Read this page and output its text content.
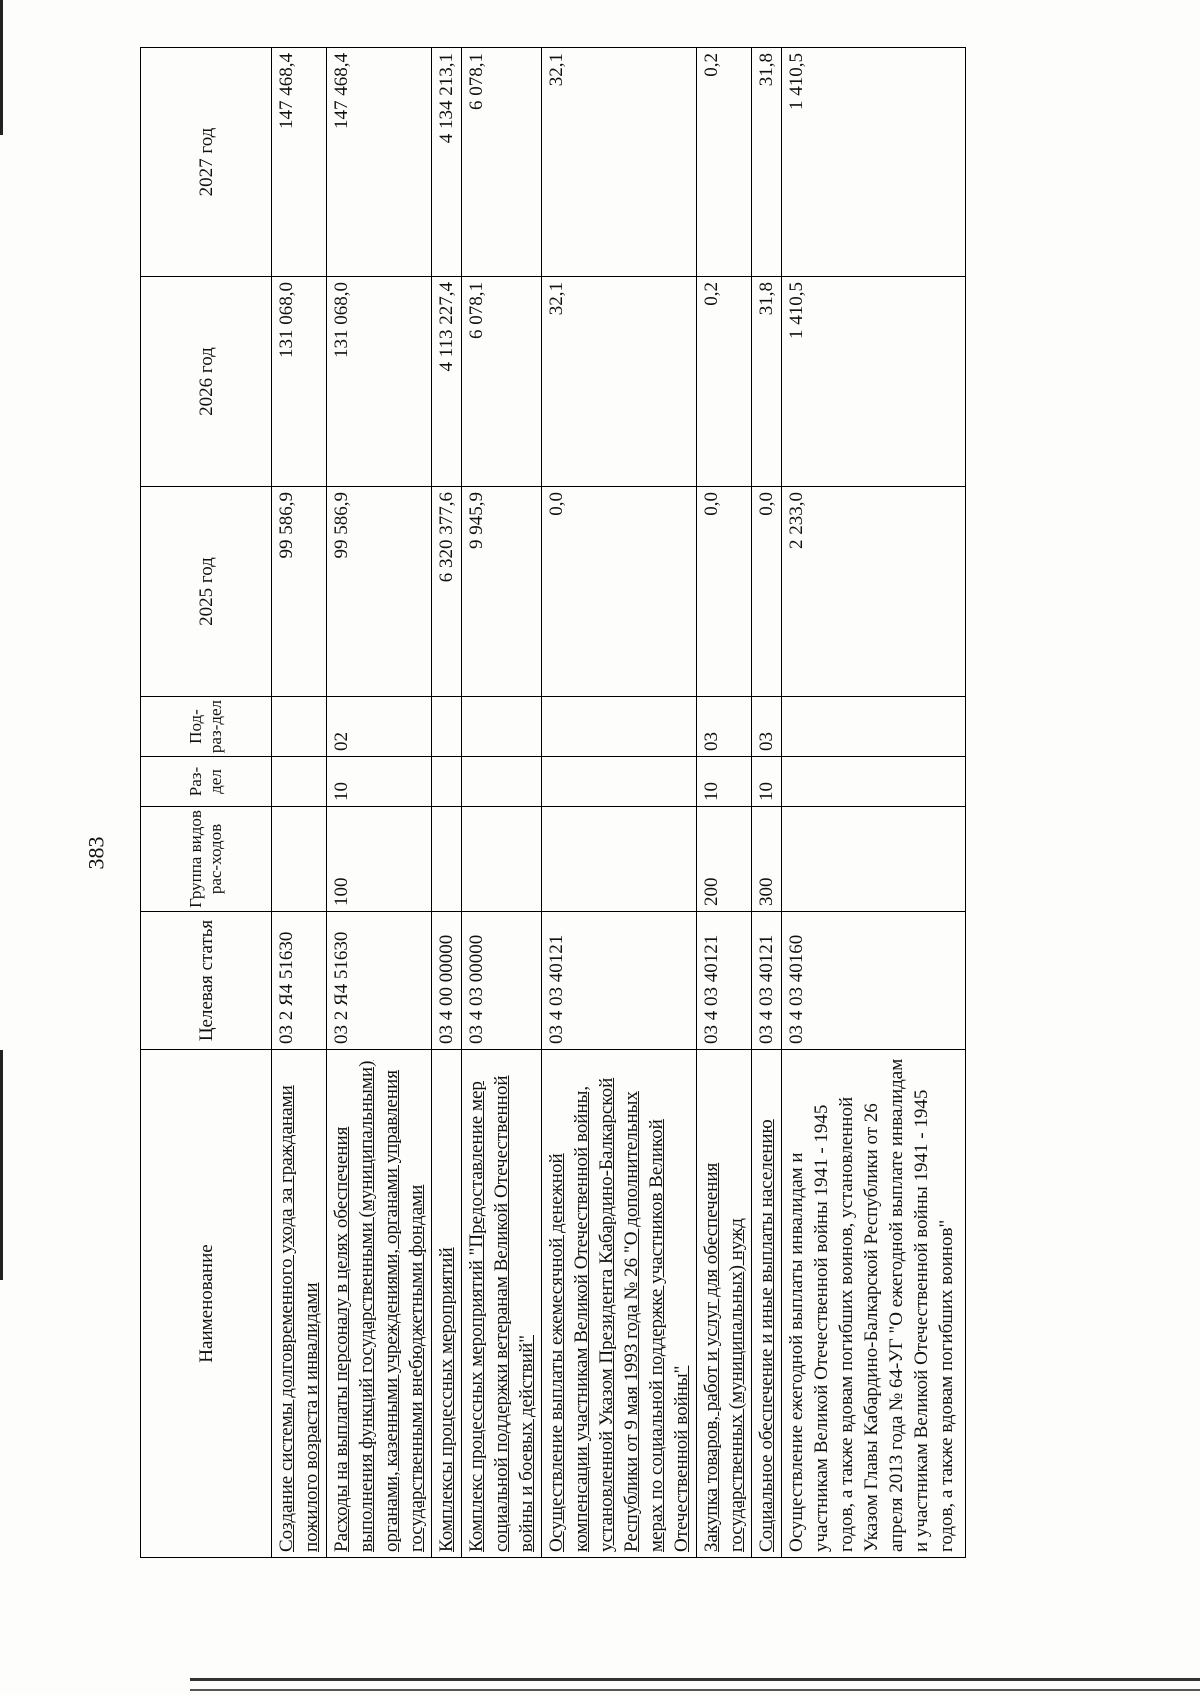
383
Наименование	Целевая статья	Группа видов рас-ходов	Раз-дел	Под-раз-дел	2025 год	2026 год	2027 год
Создание системы долговременного ухода за гражданами пожилого возраста и инвалидами	03 2 Я4 51630				99 586,9	131 068,0	147 468,4
Расходы на выплаты персоналу в целях обеспечения выполнения функций государственными (муниципальными) органами, казенными учреждениями, органами управления государственными внебюджетными фондами	03 2 Я4 51630	100	10	02	99 586,9	131 068,0	147 468,4
Комплексы процессных мероприятий	03 4 00 00000				6 320 377,6	4 113 227,4	4 134 213,1
Комплекс процессных мероприятий "Предоставление мер социальной поддержки ветеранам Великой Отечественной войны и боевых действий"	03 4 03 00000				9 945,9	6 078,1	6 078,1
Осуществление выплаты ежемесячной денежной компенсации участникам Великой Отечественной войны, установленной Указом Президента Кабардино-Балкарской Республики от 9 мая 1993 года № 26 "О дополнительных мерах по социальной поддержке участников Великой Отечественной войны"	03 4 03 40121				0,0	32,1	32,1
Закупка товаров, работ и услуг для обеспечения государственных (муниципальных) нужд	03 4 03 40121	200	10	03	0,0	0,2	0,2
Социальное обеспечение и иные выплаты населению	03 4 03 40121	300	10	03	0,0	31,8	31,8
Осуществление ежегодной выплаты инвалидам и участникам Великой Отечественной войны 1941 - 1945 годов, а также вдовам погибших воинов, установленной Указом Главы Кабардино-Балкарской Республики от 26 апреля 2013 года № 64-УГ "О ежегодной выплате инвалидам и участникам Великой Отечественной войны 1941 - 1945 годов, а также вдовам погибших воинов"	03 4 03 40160				2 233,0	1 410,5	1 410,5
